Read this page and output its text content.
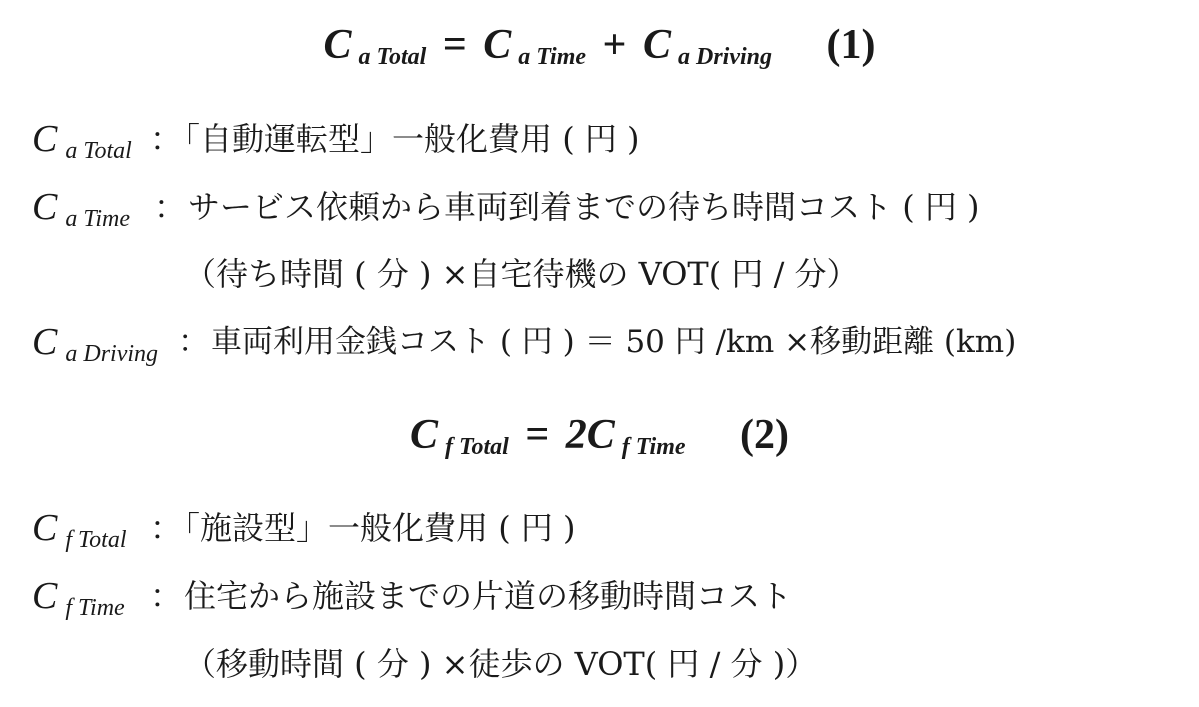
Ca Total = C a Time + C a Driving (1)
Ca Total ：「自動運転型」一般化費用 ( 円 )
Ca Time ：サービス依頼から車両到着までの待ち時間コスト ( 円 )
（待ち時間 ( 分 ) ×自宅待機の VOT( 円 / 分）
Ca Driving ：車両利用金銭コスト ( 円 ) ＝ 50 円 /km ×移動距離 (km)
Cf Total = 2C f Time (2)
Cf Total ：「施設型」一般化費用 ( 円 )
Cf Time ：住宅から施設までの片道の移動時間コスト
（移動時間 ( 分 ) ×徒歩の VOT( 円 / 分 )）
